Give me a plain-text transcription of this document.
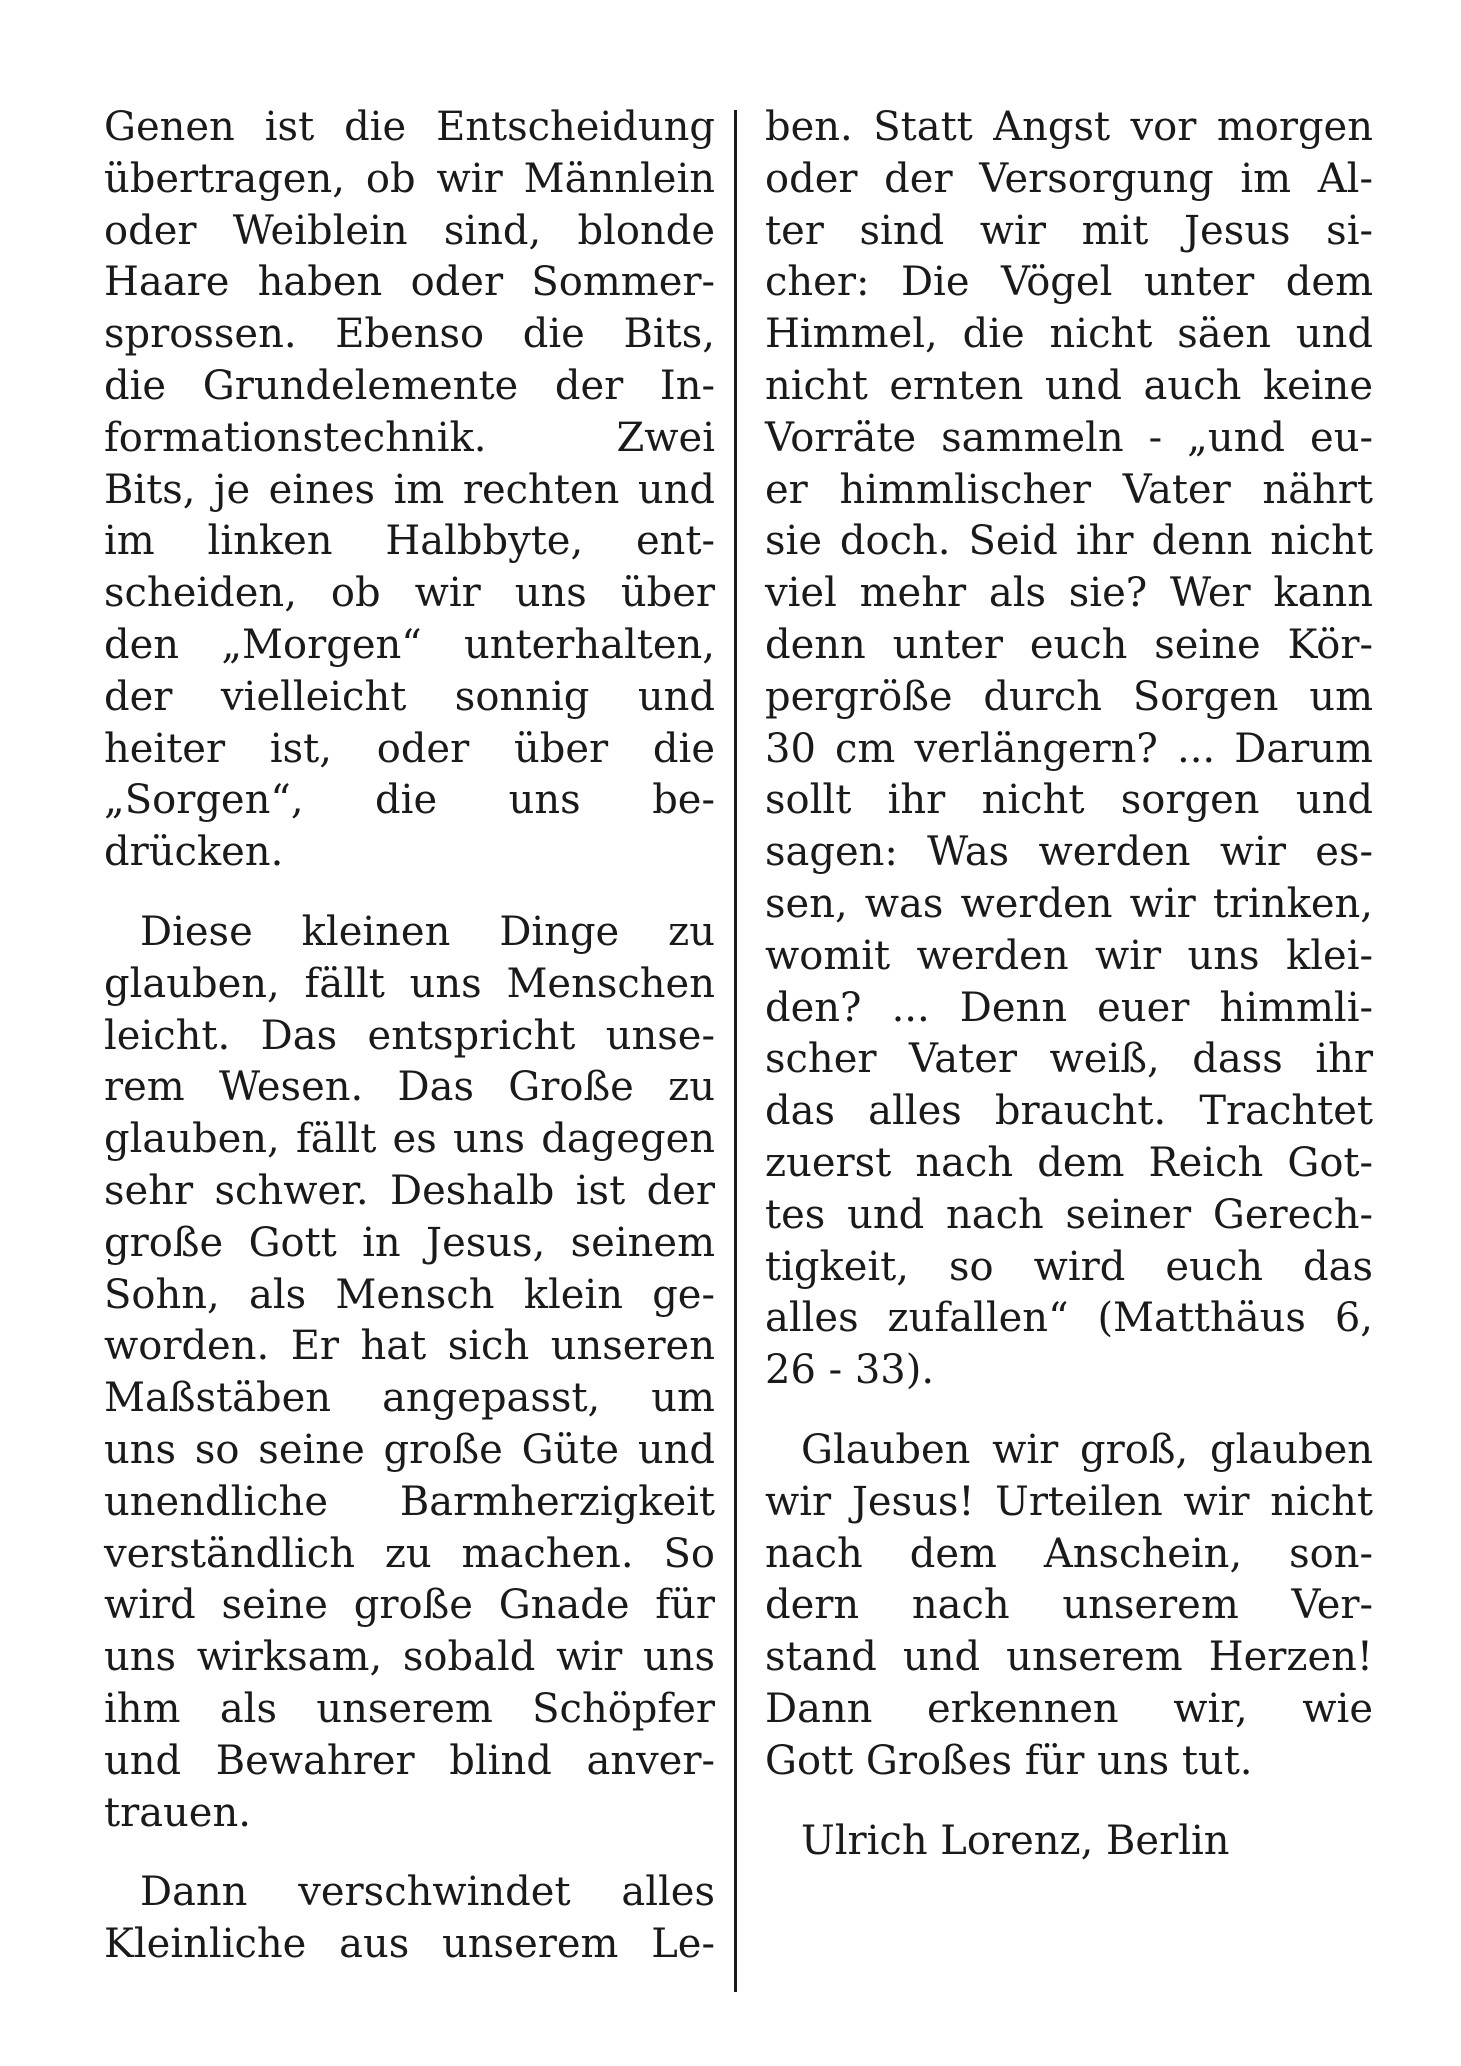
Genen ist die Entscheidung
übertragen, ob wir Männlein
oder Weiblein sind, blonde
Haare haben oder Sommer-
sprossen. Ebenso die Bits,
die Grundelemente der In-
formationstechnik. Zwei
Bits, je eines im rechten und
im linken Halbbyte, ent-
scheiden, ob wir uns über
den „Morgen“ unterhalten,
der vielleicht sonnig und
heiter ist, oder über die
„Sorgen“, die uns be-
drücken.
Diese kleinen Dinge zu
glauben, fällt uns Menschen
leicht. Das entspricht unse-
rem Wesen. Das Große zu
glauben, fällt es uns dagegen
sehr schwer. Deshalb ist der
große Gott in Jesus, seinem
Sohn, als Mensch klein ge-
worden. Er hat sich unseren
Maßstäben angepasst, um
uns so seine große Güte und
unendliche Barmherzigkeit
verständlich zu machen. So
wird seine große Gnade für
uns wirksam, sobald wir uns
ihm als unserem Schöpfer
und Bewahrer blind anver-
trauen.
Dann verschwindet alles
Kleinliche aus unserem Le-
ben. Statt Angst vor morgen
oder der Versorgung im Al-
ter sind wir mit Jesus si-
cher: Die Vögel unter dem
Himmel, die nicht säen und
nicht ernten und auch keine
Vorräte sammeln - „und eu-
er himmlischer Vater nährt
sie doch. Seid ihr denn nicht
viel mehr als sie? Wer kann
denn unter euch seine Kör-
pergröße durch Sorgen um
30 cm verlängern? ... Darum
sollt ihr nicht sorgen und
sagen: Was werden wir es-
sen, was werden wir trinken,
womit werden wir uns klei-
den? ... Denn euer himmli-
scher Vater weiß, dass ihr
das alles braucht. Trachtet
zuerst nach dem Reich Got-
tes und nach seiner Gerech-
tigkeit, so wird euch das
alles zufallen“ (Matthäus 6,
26 - 33).
Glauben wir groß, glauben
wir Jesus! Urteilen wir nicht
nach dem Anschein, son-
dern nach unserem Ver-
stand und unserem Herzen!
Dann erkennen wir, wie
Gott Großes für uns tut.
Ulrich Lorenz, Berlin
